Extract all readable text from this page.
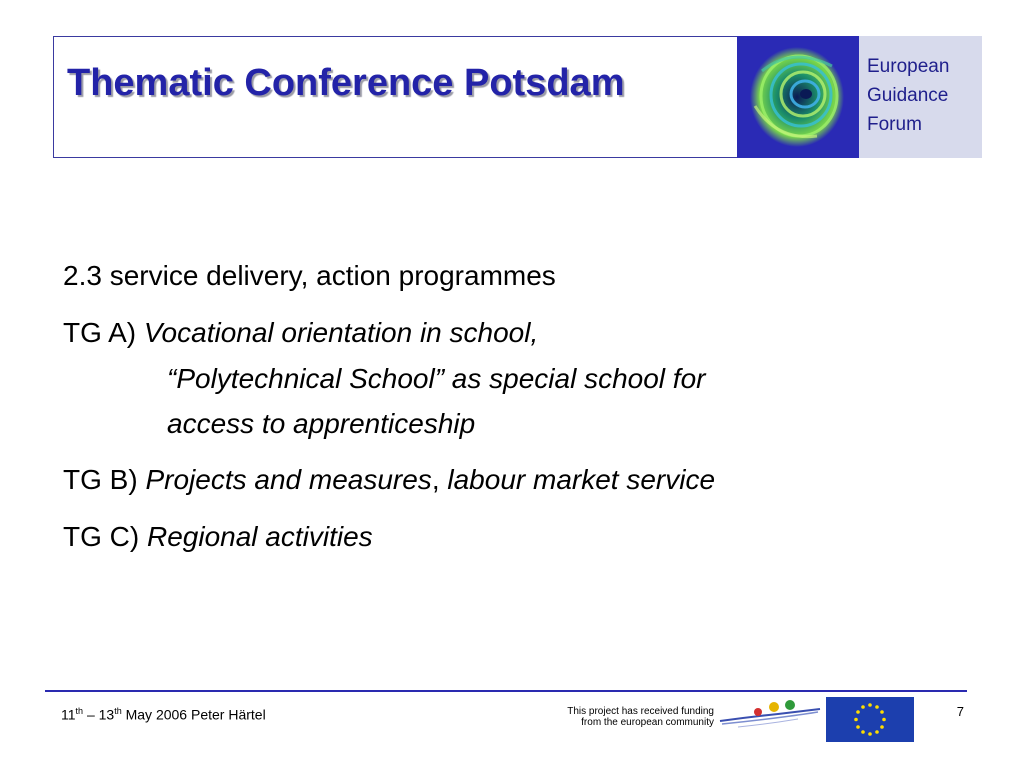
Thematic Conference Potsdam	European
Guidance
Forum
2.3 service delivery, action programmes
TG A) Vocational orientation in school,
“Polytechnical School” as special school for
access to apprenticeship
TG B) Projects and measures, labour market service
TG C) Regional activities
11th – 13th May 2006 Peter Härtel	This project has received funding
from the european community
7
